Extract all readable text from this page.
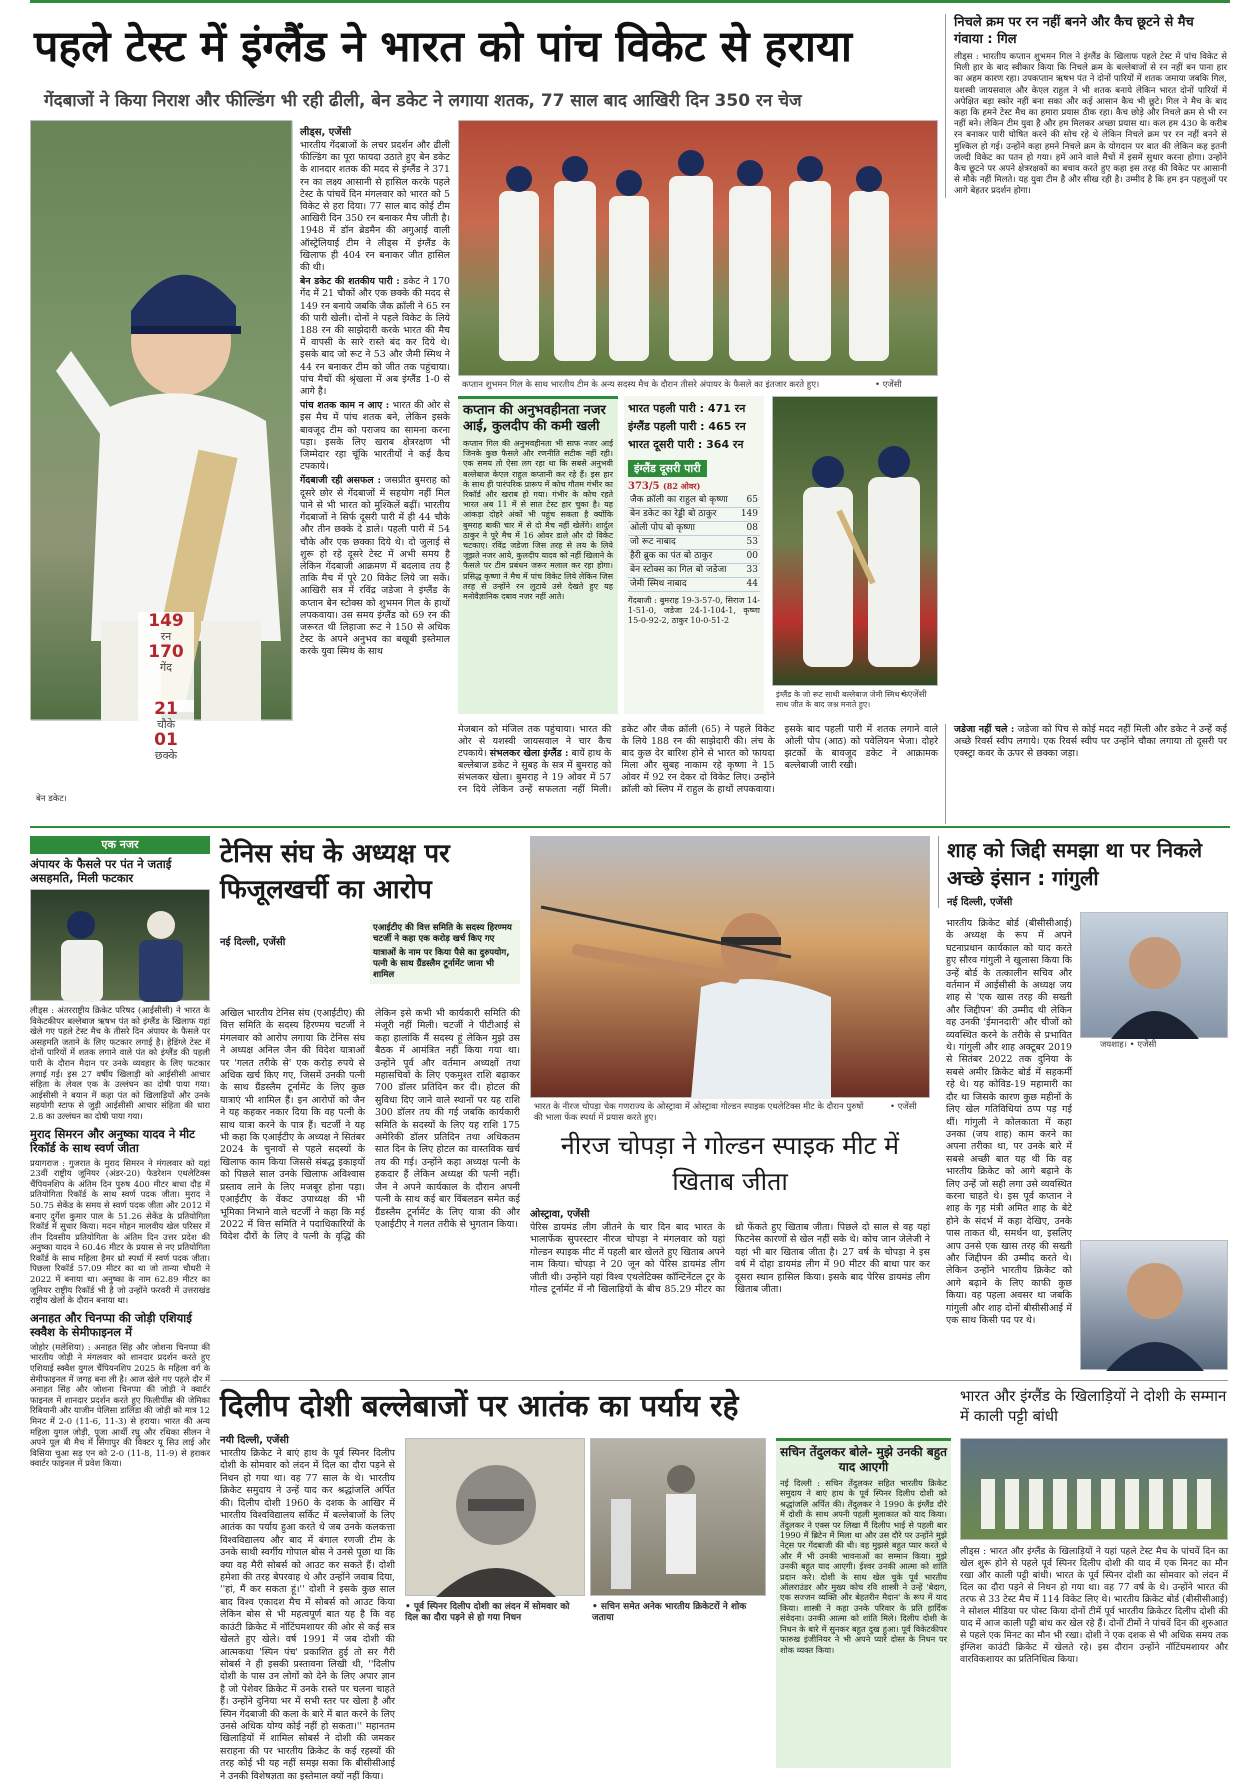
पहले टेस्ट में इंग्लैंड ने भारत को पांच विकेट से हराया
गेंदबाजों ने किया निराश और फील्डिंग भी रही ढीली, बेन डकेट ने लगाया शतक, 77 साल बाद आखिरी दिन 350 रन चेज
निचले क्रम पर रन नहीं बनने और कैच छूटने से मैच गंवाया : गिल
लीड्स : भारतीय कप्तान शुभमन गिल ने इंग्लैंड के खिलाफ पहले टेस्ट में पांच विकेट से मिली हार के बाद स्वीकार किया कि निचले क्रम के बल्लेबाजों से रन नहीं बन पाना हार का अहम कारण रहा। उपकप्तान ऋषभ पंत ने दोनों पारियों में शतक जमाया जबकि गिल, यशस्वी जायसवाल और केएल राहुल ने भी शतक बनाये लेकिन भारत दोनों पारियों में अपेक्षित बड़ा स्कोर नहीं बना सका और कई आसान कैच भी छूटे। गिल ने मैच के बाद कहा कि हमने टेस्ट मैच का हमारा प्रयास ठीक रहा। कैच छोड़े और निचले क्रम से भी रन नहीं बने। लेकिन टीम युवा है और हम मिलकर अच्छा प्रयास था। कल हम 430 के करीब रन बनाकर पारी घोषित करने की सोच रहे थे लेकिन निचले क्रम पर रन नहीं बनने से मुश्किल हो गई। उन्होंने कहा हमने निचले क्रम के योगदान पर बात की लेकिन कह इतनी जल्दी विकेट का पतन हो गया। हमें आने वाले मैचों में इसमें सुधार करना होगा। उन्होंने कैच छूटने पर अपने क्षेत्ररक्षकों का बचाव करते हुए कहा इस तरह की विकेट पर आसानी से मौके नहीं मिलते। यह युवा टीम है और सीख रही है। उम्मीद है कि हम इन पहलुओं पर आगे बेहतर प्रदर्शन होगा।
149
रन
170
गेंद
21
चौके
01
छक्के
बेन डकेट।
लीड्स, एजेंसी

भारतीय गेंदबाजों के लचर प्रदर्शन और ढीली फील्डिंग का पूरा फायदा उठाते हुए बेन डकेट के शानदार शतक की मदद से इंग्लैंड ने 371 रन का लक्ष्य आसानी से हासिल करके पहले टेस्ट के पांचवें दिन मंगलवार को भारत को 5 विकेट से हरा दिया। 77 साल बाद कोई टीम आखिरी दिन 350 रन बनाकर मैच जीती है। 1948 में डॉन ब्रेडमैन की अगुआई वाली ऑस्ट्रेलियाई टीम ने लीड्स में इंग्लैंड के खिलाफ ही 404 रन बनाकर जीत हासिल की थी।

बेन डकेट की शतकीय पारी : डकेट ने 170 गेंद में 21 चौकों और एक छक्के की मदद से 149 रन बनाये जबकि जैक क्रॉली ने 65 रन की पारी खेली। दोनों ने पहले विकेट के लिये 188 रन की साझेदारी करके भारत की मैच में वापसी के सारे रास्ते बंद कर दिये थे। इसके बाद जो रूट ने 53 और जैमी स्मिथ ने 44 रन बनाकर टीम को जीत तक पहुंचाया। पांच मैचों की श्रृंखला में अब इंग्लैंड 1-0 से आगे है।

पांच शतक काम न आए : भारत की ओर से इस मैच में पांच शतक बने, लेकिन इसके बावजूद टीम को पराजय का सामना करना पड़ा। इसके लिए खराब क्षेत्ररक्षण भी जिम्मेदार रहा चूंकि भारतीयों ने कई कैच टपकाये।

गेंदबाजी रही असफल : जसप्रीत बुमराह को दूसरे छोर से गेंदबाजों में सहयोग नहीं मिल पाने से भी भारत को मुश्किलें बढ़ीं। भारतीय गेंदबाजों ने सिर्फ दूसरी पारी में ही 44 चौके और तीन छक्के दे डाले। पहली पारी में 54 चौके और एक छक्का दिये थे। दो जुलाई से शुरू हो रहे दूसरे टेस्ट में अभी समय है लेकिन गेंदबाजी आक्रमण में बदलाव तय है ताकि मैच में पूरे 20 विकेट लिये जा सकें। आखिरी सत्र में रविंद्र जडेजा ने इंग्लैंड के कप्तान बेन स्टोक्स को शुभमन गिल के हाथों लपकवाया। उस समय इंग्लैंड को 69 रन की जरूरत थी लिहाजा रूट ने 150 से अधिक टेस्ट के अपने अनुभव का बखूबी इस्तेमाल करके युवा स्मिथ के साथ

कप्तान शुभमन गिल के साथ भारतीय टीम के अन्य सदस्य मैच के दौरान तीसरे अंपायर के फैसले का इंतजार करते हुए।	• एजेंसी
कप्तान की अनुभवहीनता नजर आई, कुलदीप की कमी खली
कप्तान गिल की अनुभवहीनता भी साफ नजर आई जिनके कुछ फैसले और रणनीति सटीक नहीं रही। एक समय तो ऐसा लग रहा था कि सबसे अनुभवी बल्लेबाज केएल राहुल कप्तानी कर रहे हैं। इस हार के साथ ही पारंपरिक प्रारूप में कोच गौतम गंभीर का रिकॉर्ड और खराब हो गया। गंभीर के कोच रहते भारत अब 11 में से सात टेस्ट हार चुका है। यह आंकड़ा दोहरे अंकों भी पहुंच सकता है क्योंकि बुमराह बाकी चार में से दो मैच नहीं खेलेंगे। शार्दुल ठाकुर ने पूरे मैच में 16 ओवर डाले और दो विकेट चटकाए। रविंद्र जडेजा जिस तरह से लय के लिये जूझते नजर आये, कुलदीप यादव को नहीं खिलाने के फैसले पर टीम प्रबंधन जरूर मलाल कर रहा होगा। प्रसिद्ध कृष्णा ने मैच में पांच विकेट लिये लेकिन जिस तरह से उन्होंने रन लुटाये उसे देखते हुए यह मनोवैज्ञानिक दबाव नजर नहीं आते।
भारत पहली पारी : 471 रन
इंग्लैंड पहली पारी : 465 रन
भारत दूसरी पारी : 364 रन
इंग्लैंड दूसरी पारी
373/5 (82 ओवर)
जैक क्रॉली का राहुल बो कृष्णा 65
बेन डकेट का रेड्डी बो ठाकुर	149
ओली पोप बो कृष्णा	08
जो रूट नाबाद	53
हैरी ब्रुक का पंत बो ठाकुर	00
बेन स्टोक्स का गिल बो जडेजा 33
जेमी स्मिथ नाबाद	44
गेंदबाजी : बुमराह 19-3-57-0, सिराज 14-1-51-0, जडेजा 24-1-104-1, कृष्णा 15-0-92-2, ठाकुर 10-0-51-2
इंग्लैंड के जो रूट साथी बल्लेबाज जेमी स्मिथ के साथ जीत के बाद जश्न मनाते हुए।
• एजेंसी
मेजबान को मंजिल तक पहुंचाया। भारत की ओर से यशस्वी जायसवाल ने चार कैच टपकाये। संभलकर खेला इंग्लैंड : बायें हाथ के बल्लेबाज डकेट ने सुबह के सत्र में बुमराह को संभलकर खेला। बुमराह ने 19 ओवर में 57 रन दिये लेकिन उन्हें सफलता नहीं मिली। डकेट और जैक क्रॉली (65) ने पहले विकेट के लिये 188 रन की साझेदारी की। लंच के बाद कुछ देर बारिश होने से भारत को फायदा मिला और सुबह नाकाम रहे कृष्णा ने 15 ओवर में 92 रन देकर दो विकेट लिए। उन्होंने क्रॉली को स्लिप में राहुल के हाथों लपकवाया। इसके बाद पहली पारी में शतक लगाने वाले ओली पोप (आठ) को पवेलियन भेजा। दोहरे झटकों के बावजूद डकेट ने आक्रामक बल्लेबाजी जारी रखी।
जडेजा नहीं चले : जडेजा को पिच से कोई मदद नहीं मिली और डकेट ने उन्हें कई अच्छे रिवर्स स्वीप लगाये। एक रिवर्स स्वीप पर उन्होंने चौका लगाया तो दूसरी पर एक्स्ट्रा कवर के ऊपर से छक्का जड़ा।
एक नजर
अंपायर के फैसले पर पंत ने जताई असहमति, मिली फटकार
लीड्स : अंतरराष्ट्रीय क्रिकेट परिषद (आईसीसी) ने भारत के विकेटकीपर बल्लेबाज ऋषभ पंत को इंग्लैंड के खिलाफ यहां खेले गए पहले टेस्ट मैच के तीसरे दिन अंपायर के फैसले पर असहमति जताने के लिए फटकार लगाई है। हेडिंग्ले टेस्ट में दोनों पारियों में शतक लगाने वाले पंत को इंग्लैंड की पहली पारी के दौरान मैदान पर उनके व्यवहार के लिए फटकार लगाई गई। इस 27 वर्षीय खिलाड़ी को आईसीसी आचार संहिता के लेवल एक के उल्लंघन का दोषी पाया गया। आईसीसी ने बयान में कहा पंत को खिलाड़ियों और उनके सहयोगी स्टाफ से जुड़ी आईसीसी आचार संहिता की धारा 2.8 का उल्लंघन का दोषी पाया गया।
मुराद सिमरन और अनुष्का यादव ने मीट रिकॉर्ड के साथ स्वर्ण जीता
प्रयागराज : गुजरात के मुराद सिमरन ने मंगलवार को यहां 23वीं राष्ट्रीय जूनियर (अंडर-20) फेडरेशन एथलेटिक्स चैंपियनशिप के अंतिम दिन पुरुष 400 मीटर बाधा दौड़ में प्रतियोगिता रिकॉर्ड के साथ स्वर्ण पदक जीता। मुराद ने 50.75 सेकेंड के समय से स्वर्ण पदक जीता और 2012 में बनाए दुर्गेश कुमार पाल के 51.26 सेकेंड के प्रतियोगिता रिकॉर्ड में सुधार किया। मदन मोहन मालवीय खेल परिसर में तीन दिवसीय प्रतियोगिता के अंतिम दिन उत्तर प्रदेश की अनुष्का यादव ने 60.46 मीटर के प्रयास से नए प्रतियोगिता रिकॉर्ड के साथ महिला हैमर थ्रो स्पर्धा में स्वर्ण पदक जीता। पिछला रिकॉर्ड 57.09 मीटर का था जो तान्या चौधरी ने 2022 में बनाया था। अनुष्का के नाम 62.89 मीटर का जूनियर राष्ट्रीय रिकॉर्ड भी है जो उन्होंने फरवरी में उत्तराखंड राष्ट्रीय खेलों के दौरान बनाया था।
अनाहत और चिनप्पा की जोड़ी एशियाई स्क्वैश के सेमीफाइनल में
जोहोर (मलेशिया) : अनाहत सिंह और जोशना चिनप्पा की भारतीय जोड़ी ने मंगलवार को शानदार प्रदर्शन करते हुए एशियाई स्क्वैश युगल चैंपियनशिप 2025 के महिला वर्ग के सेमीफाइनल में जगह बना ली है। आज खेले गए पहले दौर में अनाहत सिंह और जोशना चिनप्पा की जोड़ी ने क्वार्टर फाइनल में शानदार प्रदर्शन करते हुए फिलीपींस की जेमिका रिबियानी और याजीन पेलिसा डालिडा की जोड़ी को मात्र 12 मिनट में 2-0 (11-6, 11-3) से हराया। भारत की अन्य महिला युगल जोड़ी, पूजा आर्थी रघु और रथिका सीलन ने अपने पूल बी मैच में सिंगापुर की विक्टर यू सिउ लाई और विसिया चुआ सड़ एन को 2-0 (11-8, 11-9) से हराकर क्वार्टर फाइनल में प्रवेश किया।
टेनिस संघ के अध्यक्ष पर फिजूलखर्ची का आरोप
नई दिल्ली, एजेंसी
एआईटीए की वित्त समिति के सदस्य हिरण्मय चटर्जी ने कहा एक करोड़ खर्च किए गए
यात्राओं के नाम पर किया पैसे का दुरुपयोग, पत्नी के साथ ग्रैंडस्लैम टूर्नामेंट जाना भी शामिल
अखिल भारतीय टेनिस संघ (एआईटीए) की वित्त समिति के सदस्य हिरण्मय चटर्जी ने मंगलवार को आरोप लगाया कि टेनिस संघ ने अध्यक्ष अनिल जैन की विदेश यात्राओं पर 'गलत तरीके से' एक करोड़ रुपये से अधिक खर्च किए गए, जिसमें उनकी पत्नी के साथ ग्रैंडस्लैम टूर्नामेंट के लिए कुछ यात्राएं भी शामिल हैं। इन आरोपों को जैन ने यह कहकर नकार दिया कि वह पत्नी के साथ यात्रा करने के पात्र हैं। चटर्जी ने यह भी कहा कि एआईटीए के अध्यक्ष ने सितंबर 2024 के चुनावों से पहले सदस्यों के खिलाफ काम किया जिससे संबद्ध इकाइयों को पिछले साल उनके खिलाफ अविश्वास प्रस्ताव लाने के लिए मजबूर होना पड़ा। एआईटीए के वेंकट उपाध्यक्ष की भी भूमिका निभाने वाले चटर्जी ने कहा कि मई 2022 में वित्त समिति ने पदाधिकारियों के विदेश दौरों के लिए वे पत्नी के वृद्धि की लेकिन इसे कभी भी कार्यकारी समिति की मंजूरी नहीं मिली। चटर्जी ने पीटीआई से कहा हालांकि मैं सदस्य हूं लेकिन मुझे उस बैठक में आमंत्रित नहीं किया गया था। उन्होंने पूर्व और वर्तमान अध्यक्षों तथा महासचिवों के लिए एकमुश्त राशि बढ़ाकर 700 डॉलर प्रतिदिन कर दी। होटल की सुविधा दिए जाने वाले स्थानों पर यह राशि 300 डॉलर तय की गई जबकि कार्यकारी समिति के सदस्यों के लिए यह राशि 175 अमेरिकी डॉलर प्रतिदिन तथा अधिकतम सात दिन के लिए होटल का वास्तविक खर्च तय की गई। उन्होंने कहा अध्यक्ष पत्नी के हकदार हैं लेकिन अध्यक्ष की पत्नी नहीं। जैन ने अपने कार्यकाल के दौरान अपनी पत्नी के साथ कई बार विंबलडन समेत कई ग्रैंडस्लैम टूर्नामेंट के लिए यात्रा की और एआईटीए ने गलत तरीके से भुगतान किया।
भारत के नीरज चोपड़ा चेक गणराज्य के ओस्ट्रावा में ओस्ट्रावा गोल्डन स्पाइक एथलेटिक्स मीट के दौरान पुरुषों की भाला फेंक स्पर्धा में प्रयास करते हुए।
• एजेंसी
नीरज चोपड़ा ने गोल्डन स्पाइक मीट में खिताब जीता
ओस्ट्रावा, एजेंसी
पेरिस डायमंड लीग जीतने के चार दिन बाद भारत के भालाफेंक सुपरस्टार नीरज चोपड़ा ने मंगलवार को यहां गोल्डन स्पाइक मीट में पहली बार खेलते हुए खिताब अपने नाम किया। चोपड़ा ने 20 जून को पेरिस डायमंड लीग जीती थी। उन्होंने यहां विश्व एथलेटिक्स कॉन्टिनेंटल टूर के गोल्ड टूर्नामेंट में नौ खिलाड़ियों के बीच 85.29 मीटर का थ्रो फेंकते हुए खिताब जीता। पिछले दो साल से वह यहां फिटनेस कारणों से खेल नहीं सके थे। कोच जान जेलेजी ने यहां भी बार खिताब जीता है। 27 वर्ष के चोपड़ा ने इस वर्ष में दोहा डायमंड लीग में 90 मीटर की बाधा पार कर दूसरा स्थान हासिल किया। इसके बाद पेरिस डायमंड लीग खिताब जीता।
शाह को जिद्दी समझा था पर निकले अच्छे इंसान : गांगुली
नई दिल्ली, एजेंसी
जयशाह। • एजेंसी
भारतीय क्रिकेट बोर्ड (बीसीसीआई) के अध्यक्ष के रूप में अपने घटनाप्रधान कार्यकाल को याद करते हुए सौरव गांगुली ने खुलासा किया कि उन्हें बोर्ड के तत्कालीन सचिव और वर्तमान में आईसीसी के अध्यक्ष जय शाह से 'एक खास तरह की सख्ती और जिद्दीपन' की उम्मीद थी लेकिन वह उनकी 'ईमानदारी' और चीजों को व्यवस्थित करने के तरीके से प्रभावित थे। गांगुली और शाह अक्टूबर 2019 से सितंबर 2022 तक दुनिया के सबसे अमीर क्रिकेट बोर्ड में सहकर्मी रहे थे। यह कोविड-19 महामारी का दौर था जिसके कारण कुछ महीनों के लिए खेल गतिविधियां ठप्प पड़ गई थीं। गांगुली ने कोलकाता में कहा उनका (जय शाह) काम करने का अपना तरीका था, पर उनके बारे में सबसे अच्छी बात यह थी कि वह भारतीय क्रिकेट को आगे बढ़ाने के लिए उन्हें जो सही लगा उसे व्यवस्थित करना चाहते थे। इस पूर्व कप्तान ने शाह के गृह मंत्री अमित शाह के बेटे होने के संदर्भ में कहा देखिए, उनके पास ताकत थी, समर्थन था, इसलिए आप उनसे एक खास तरह की सख्ती और जिद्दीपन की उम्मीद करते थे। लेकिन उन्होंने भारतीय क्रिकेट को आगे बढ़ाने के लिए काफी कुछ किया। वह पहला अवसर था जबकि गांगुली और शाह दोनों बीसीसीआई में एक साथ किसी पद पर थे।
दिलीप दोशी बल्लेबाजों पर आतंक का पर्याय रहे
नयी दिल्ली, एजेंसी
भारतीय क्रिकेट ने बाएं हाथ के पूर्व स्पिनर दिलीप दोशी के सोमवार को लंदन में दिल का दौरा पड़ने से निधन हो गया था। वह 77 साल के थे। भारतीय क्रिकेट समुदाय ने उन्हें याद कर श्रद्धांजलि अर्पित की। दिलीप दोशी 1960 के दशक के आखिर में भारतीय विश्वविद्यालय सर्किट में बल्लेबाजों के लिए आतंक का पर्याय हुआ करते थे जब उनके कलकत्ता विश्वविद्यालय और बाद में बंगाल रणजी टीम के उनके साथी स्वर्गीय गोपाल बोस ने उनसे पूछा था कि क्या वह मैरी सोबर्स को आउट कर सकते हैं। दोशी हमेशा की तरह बेपरवाह थे और उन्होंने जवाब दिया, ''हां, मैं कर सकता हूं।'' दोशी ने इसके कुछ साल बाद विश्व एकादश मैच में सोबर्स को आउट किया लेकिन बोस से भी महत्वपूर्ण बात यह है कि वह काउंटी क्रिकेट में नॉटिंघमशायर की ओर से कई सत्र खेलते हुए खेले। वर्ष 1991 में जब दोशी की आत्मकथा 'स्पिन पंच' प्रकाशित हुई तो सर गैरी सोबर्स ने ही इसकी प्रस्तावना लिखी थी, ''दिलीप दोशी के पास उन लोगों को देने के लिए अपार ज्ञान है जो पेशेवर क्रिकेट में उनके रास्ते पर चलना चाहते हैं। उन्होंने दुनिया भर में सभी स्तर पर खेला है और स्पिन गेंदबाजी की कला के बारे में बात करने के लिए उनसे अधिक योग्य कोई नहीं हो सकता।'' महानतम खिलाड़ियों में शामिल सोबर्स ने दोशी की जमकर सराहना की पर भारतीय क्रिकेट के कई रहस्यों की तरह कोई भी यह नहीं समझ सका कि बीसीसीआई ने उनकी विशेषज्ञता का इस्तेमाल क्यों नहीं किया।
• पूर्व स्पिनर दिलीप दोशी का लंदन में सोमवार को दिल का दौरा पड़ने से हो गया निधन
• सचिन समेत अनेक भारतीय क्रिकेटरों ने शोक जताया
सचिन तेंदुलकर बोले- मुझे उनकी बहुत याद आएगी
नई दिल्ली : सचिन तेंदुलकर सहित भारतीय क्रिकेट समुदाय ने बाएं हाथ के पूर्व स्पिनर दिलीप दोशी को श्रद्धांजलि अर्पित की। तेंदुलकर ने 1990 के इंग्लैंड दौरे में दोशी के साथ अपनी पहली मुलाकात को याद किया। तेंदुलकर ने एक्स पर लिखा मैं दिलीप भाई से पहली बार 1990 में ब्रिटेन में मिला था और उस दौरे पर उन्होंने मुझे नेट्स पर गेंदबाजी की थी। वह मुझसे बहुत प्यार करते थे और मैं भी उनकी भावनाओं का सम्मान किया। मुझे उनकी बहुत याद आएगी। ईश्वर उनकी आत्मा को शांति प्रदान करे। दोशी के साथ खेल चुके पूर्व भारतीय ऑलराउंडर और मुख्य कोच रवि शास्त्री ने उन्हें 'बेदाग, एक सज्जन व्यक्ति और बेहतरीन मैदान' के रूप में याद किया। शास्त्री ने कहा उनके परिवार के प्रति हार्दिक संवेदना। उनकी आत्मा को शांति मिले। दिलीप दोशी के निधन के बारे में सुनकर बहुत दुख हुआ। पूर्व विकेटकीपर फारुख इंजीनियर ने भी अपने प्यारे दोस्त के निधन पर शोक व्यक्त किया।
भारत और इंग्लैंड के खिलाड़ियों ने दोशी के सम्मान में काली पट्टी बांधी
लीड्स : भारत और इंग्लैंड के खिलाड़ियों ने यहां पहले टेस्ट मैच के पांचवें दिन का खेल शुरू होने से पहले पूर्व स्पिनर दिलीप दोशी की याद में एक मिनट का मौन रखा और काली पट्टी बांधी। भारत के पूर्व स्पिनर दोशी का सोमवार को लंदन में दिल का दौरा पड़ने से निधन हो गया था। वह 77 वर्ष के थे। उन्होंने भारत की तरफ से 33 टेस्ट मैच में 114 विकेट लिए थे। भारतीय क्रिकेट बोर्ड (बीसीसीआई) ने सोशल मीडिया पर पोस्ट किया दोनों टीमें पूर्व भारतीय क्रिकेटर दिलीप दोशी की याद में आज काली पट्टी बांध कर खेल रहे हैं। दोनों टीमों ने पांचवें दिन की शुरुआत से पहले एक मिनट का मौन भी रखा। दोशी ने एक दशक से भी अधिक समय तक इंग्लिश काउंटी क्रिकेट में खेलते रहे। इस दौरान उन्होंने नॉटिंघमशायर और वारविकशायर का प्रतिनिधित्व किया।
